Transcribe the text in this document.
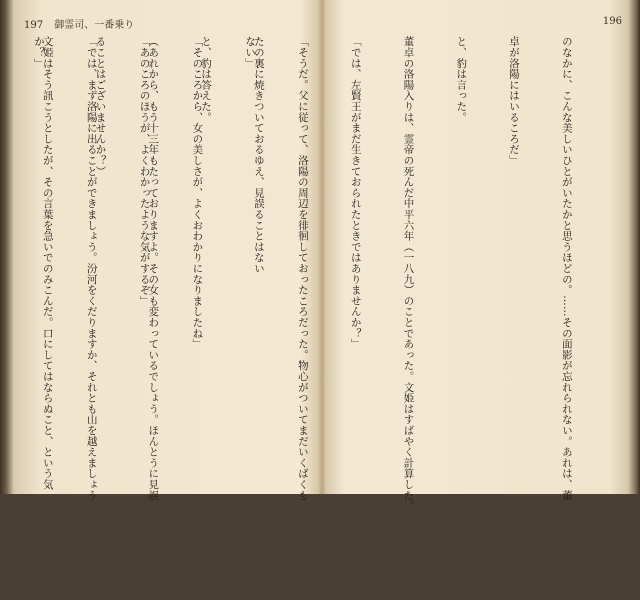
197 御霊司、一番乗り

たの裏に焼きついておるゆえ、見誤ることはない

と、豹は答えた。

（あれから、もう十三年もたっておりますよ。その女も変わっているでしょう。ほんとうに見誤

ることはございませんか？）

文姫はそう訊こうとしたが、その言葉を急いでのみこんだ。口にしてはならぬこと、という気

196

のなかに、こんな美しいひとがいたかと思うほどの。……その面影が忘れられない。あれは、董

卓が洛陽にはいるころだ」

と、豹は言った。

董卓の洛陽入りは、霊帝の死んだ中平六年（一八九）のことであった。文姫はすばやく計算した。

「では、左賢王がまだ生きておられたときではありませんか？」

「そうだ。父に従って、洛陽の周辺を徘徊しておったころだった。物心がついてまだいくばくも

ない」

「そのころから、女の美しさが、よくおわかりになりましたね」

「あのころのほうが、よくわかったような気がするぞ」

「では、まず洛陽に出ることができましょう。汾河をくだりますか、それとも山を越えましょう

か？」
